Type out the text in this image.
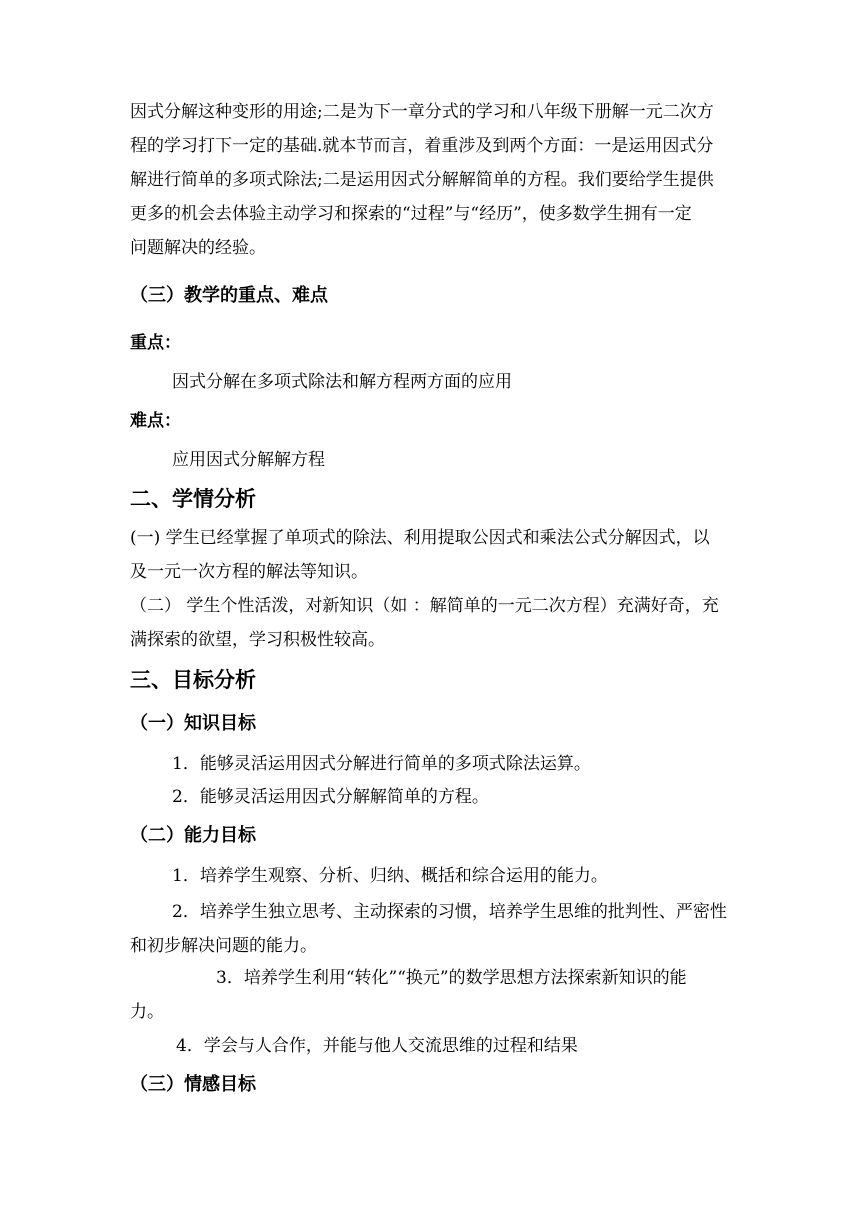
因式分解这种变形的用途;二是为下一章分式的学习和八年级下册解一元二次方

程的学习打下一定的基础.就本节而言，着重涉及到两个方面：一是运用因式分

解进行简单的多项式除法;二是运用因式分解解简单的方程。我们要给学生提供

更多的机会去体验主动学习和探索的“过程”与“经历”，使多数学生拥有一定

问题解决的经验。

（三）教学的重点、难点

重点：

因式分解在多项式除法和解方程两方面的应用

难点：

应用因式分解解方程

二、学情分析

(一) 学生已经掌握了单项式的除法、利用提取公因式和乘法公式分解因式，以

及一元一次方程的解法等知识。

（二） 学生个性活泼，对新知识（如 ：解简单的一元二次方程）充满好奇，充

满探索的欲望，学习积极性较高。

三、目标分析

（一）知识目标

1．能够灵活运用因式分解进行简单的多项式除法运算。

2．能够灵活运用因式分解解简单的方程。

（二）能力目标

1．培养学生观察、分析、归纳、概括和综合运用的能力。

2．培养学生独立思考、主动探索的习惯，培养学生思维的批判性、严密性

和初步解决问题的能力。

3．培养学生利用“转化”“换元”的数学思想方法探索新知识的能

力。

4．学会与人合作，并能与他人交流思维的过程和结果

（三）情感目标
